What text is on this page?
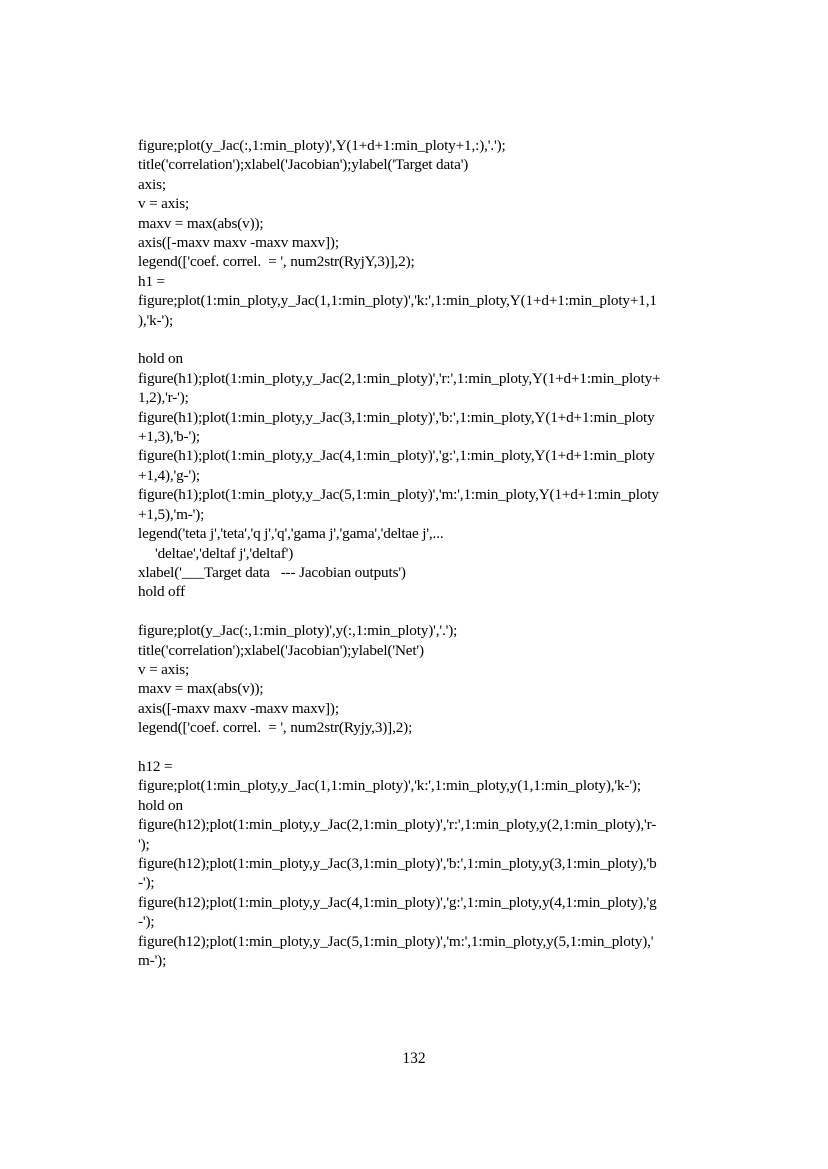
figure;plot(y_Jac(:,1:min_ploty)',Y(1+d+1:min_ploty+1,:),'.');
title('correlation');xlabel('Jacobian');ylabel('Target data')
axis;
v = axis;
maxv = max(abs(v));
axis([-maxv maxv -maxv maxv]);
legend(['coef. correl.  = ', num2str(RyjY,3)],2);
h1 =
figure;plot(1:min_ploty,y_Jac(1,1:min_ploty)','k:',1:min_ploty,Y(1+d+1:min_ploty+1,1
),'k-');
hold on
figure(h1);plot(1:min_ploty,y_Jac(2,1:min_ploty)','r:',1:min_ploty,Y(1+d+1:min_ploty+
1,2),'r-');
figure(h1);plot(1:min_ploty,y_Jac(3,1:min_ploty)','b:',1:min_ploty,Y(1+d+1:min_ploty
+1,3),'b-');
figure(h1);plot(1:min_ploty,y_Jac(4,1:min_ploty)','g:',1:min_ploty,Y(1+d+1:min_ploty
+1,4),'g-');
figure(h1);plot(1:min_ploty,y_Jac(5,1:min_ploty)','m:',1:min_ploty,Y(1+d+1:min_ploty
+1,5),'m-');
legend('teta j','teta','q j','q','gama j','gama','deltae j',...
'deltae','deltaf j','deltaf')
xlabel('___Target data   --- Jacobian outputs')
hold off
figure;plot(y_Jac(:,1:min_ploty)',y(:,1:min_ploty)','.');
title('correlation');xlabel('Jacobian');ylabel('Net')
v = axis;
maxv = max(abs(v));
axis([-maxv maxv -maxv maxv]);
legend(['coef. correl.  = ', num2str(Ryjy,3)],2);
h12 =
figure;plot(1:min_ploty,y_Jac(1,1:min_ploty)','k:',1:min_ploty,y(1,1:min_ploty),'k-');
hold on
figure(h12);plot(1:min_ploty,y_Jac(2,1:min_ploty)','r:',1:min_ploty,y(2,1:min_ploty),'r-
');
figure(h12);plot(1:min_ploty,y_Jac(3,1:min_ploty)','b:',1:min_ploty,y(3,1:min_ploty),'b
-');
figure(h12);plot(1:min_ploty,y_Jac(4,1:min_ploty)','g:',1:min_ploty,y(4,1:min_ploty),'g
-');
figure(h12);plot(1:min_ploty,y_Jac(5,1:min_ploty)','m:',1:min_ploty,y(5,1:min_ploty),'
m-');
132
